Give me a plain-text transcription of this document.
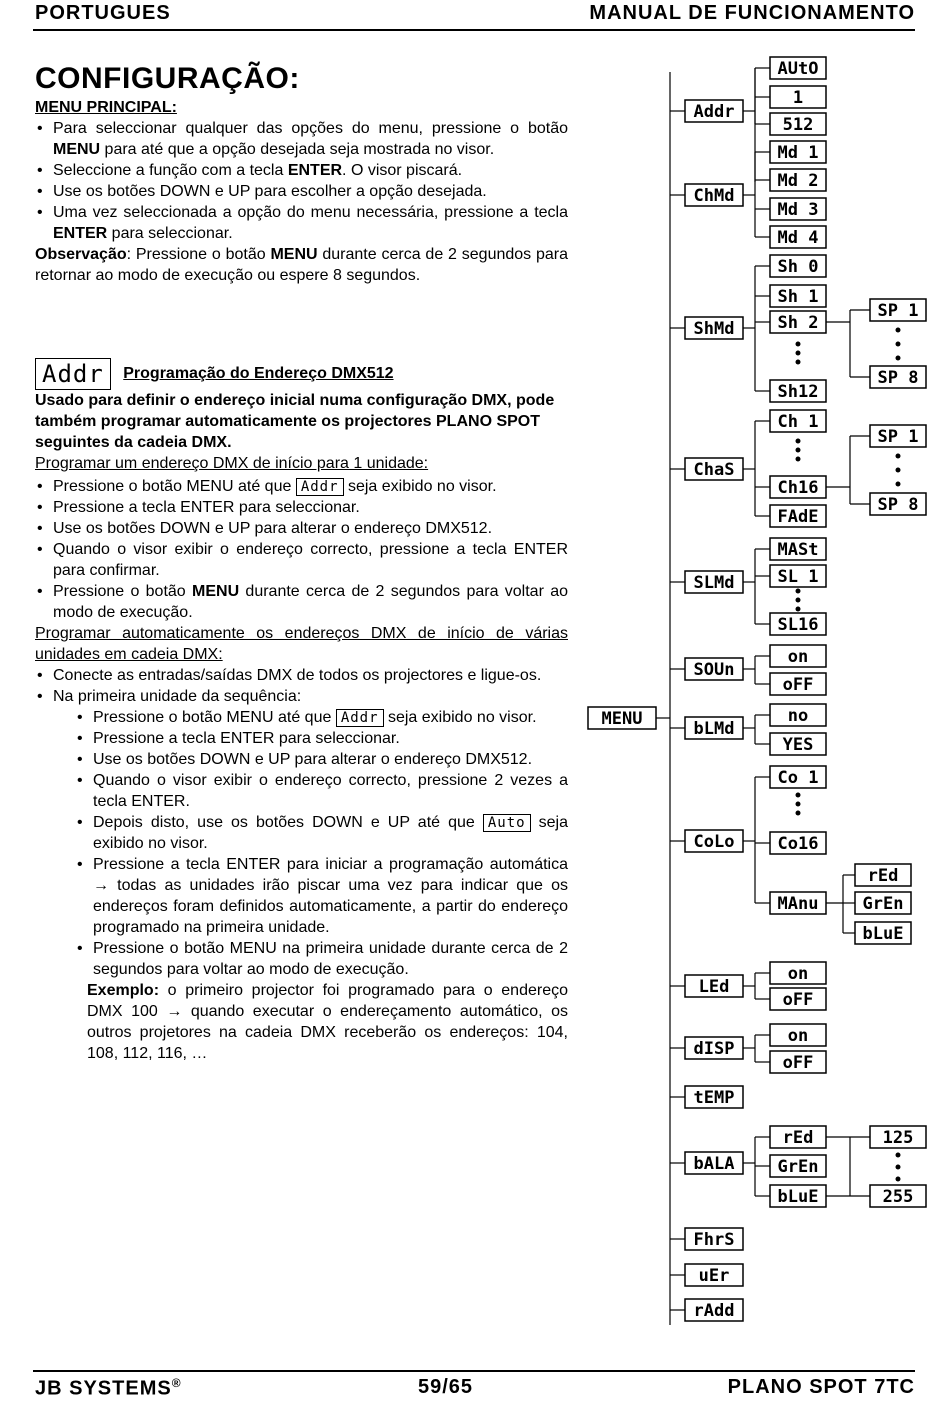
PORTUGUES	MANUAL DE FUNCIONAMENTO
CONFIGURAÇÃO:
MENU PRINCIPAL:
• Para seleccionar qualquer das opções do menu, pressione o botão MENU para até que a opção desejada seja mostrada no visor.
• Seleccione a função com a tecla ENTER. O visor piscará.
• Use os botões DOWN e UP para escolher a opção desejada.
• Uma vez seleccionada a opção do menu necessária, pressione a tecla ENTER para seleccionar.
Observação: Pressione o botão MENU durante cerca de 2 segundos para retornar ao modo de execução ou espere 8 segundos.
Addr Programação do Endereço DMX512
Usado para definir o endereço inicial numa configuração DMX, pode também programar automaticamente os projectores PLANO SPOT seguintes da cadeia DMX.
Programar um endereço DMX de início para 1 unidade:
• Pressione o botão MENU até que Addr seja exibido no visor.
• Pressione a tecla ENTER para seleccionar.
• Use os botões DOWN e UP para alterar o endereço DMX512.
• Quando o visor exibir o endereço correcto, pressione a tecla ENTER para confirmar.
• Pressione o botão MENU durante cerca de 2 segundos para voltar ao modo de execução.
Programar automaticamente os endereços DMX de início de várias unidades em cadeia DMX:
• Conecte as entradas/saídas DMX de todos os projectores e ligue-os.
• Na primeira unidade da sequência:
• Pressione o botão MENU até que Addr seja exibido no visor.
• Pressione a tecla ENTER para seleccionar.
• Use os botões DOWN e UP para alterar o endereço DMX512.
• Quando o visor exibir o endereço correcto, pressione 2 vezes a tecla ENTER.
• Depois disto, use os botões DOWN e UP até que Auto seja exibido no visor.
• Pressione a tecla ENTER para iniciar a programação automática → todas as unidades irão piscar uma vez para indicar que os endereços foram definidos automaticamente, a partir do endereço programado na primeira unidade.
• Pressione o botão MENU na primeira unidade durante cerca de 2 segundos para voltar ao modo de execução.
Exemplo: o primeiro projector foi programado para o endereço DMX 100 → quando executar o endereçamento automático, os outros projetores na cadeia DMX receberão os endereços: 104, 108, 112, 116, …
MENU
Addr
ChMd
ShMd
ChaS
SLMd
SOUn
bLMd
CoLo
LEd
dISP
tEMP
bALA
FhrS
uEr
rAdd
AUtO
1
512
Md 1
Md 2
Md 3
Md 4
Sh 0
Sh 1
Sh 2
Sh12
Ch 1
Ch16
FAdE
MASt
SL 1
SL16
on
oFF
no
YES
Co 1
Co16
MAnu
on
oFF
on
oFF
rEd
GrEn
bLuE
SP 1
SP 8
SP 1
SP 8
rEd
GrEn
bLuE
125
255
JB SYSTEMS®	59/65	PLANO SPOT 7TC
